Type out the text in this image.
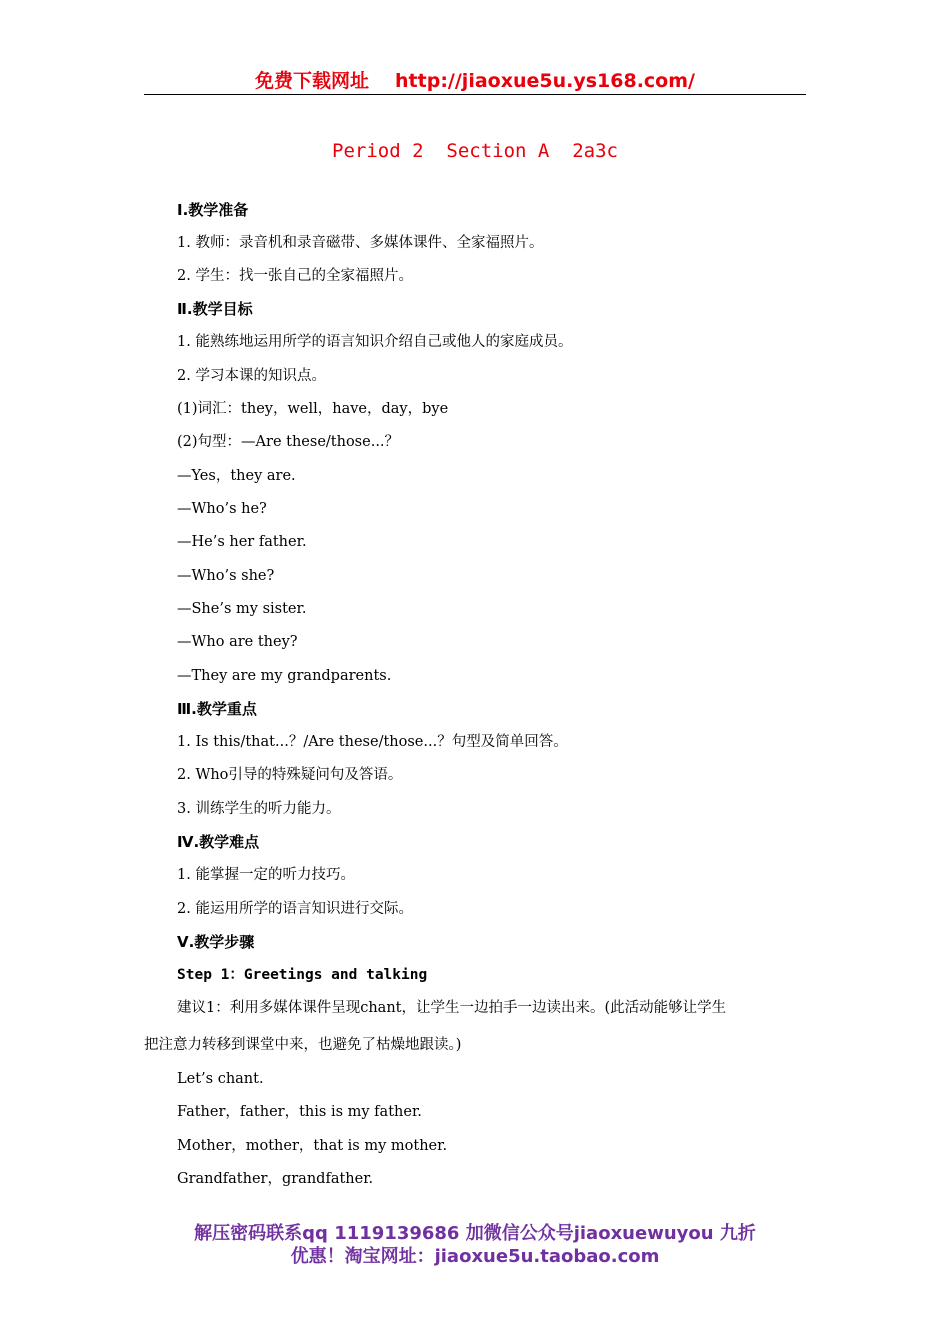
免费下载网址 http://jiaoxue5u.ys168.com/
Period 2  Section A  2a3c
Ⅰ.教学准备
1. 教师：录音机和录音磁带、多媒体课件、全家福照片。
2. 学生：找一张自己的全家福照片。
Ⅱ.教学目标
1. 能熟练地运用所学的语言知识介绍自己或他人的家庭成员。
2. 学习本课的知识点。
(1)词汇：they，well，have，day，bye
(2)句型：—Are these/those...？
—Yes，they are.
—Who’s he?
—He’s her father.
—Who’s she?
—She’s my sister.
—Who are they?
—They are my grandparents.
Ⅲ.教学重点
1. Is this/that...？/Are these/those...？句型及简单回答。
2. Who引导的特殊疑问句及答语。
3. 训练学生的听力能力。
Ⅳ.教学难点
1. 能掌握一定的听力技巧。
2. 能运用所学的语言知识进行交际。
Ⅴ.教学步骤
Step 1：Greetings and talking
建议1：利用多媒体课件呈现chant，让学生一边拍手一边读出来。(此活动能够让学生
把注意力转移到课堂中来，也避免了枯燥地跟读。)
Let’s chant.
Father，father，this is my father.
Mother，mother，that is my mother.
Grandfather，grandfather.
解压密码联系qq 1119139686 加微信公众号jiaoxuewuyou 九折
优惠！淘宝网址：jiaoxue5u.taobao.com
